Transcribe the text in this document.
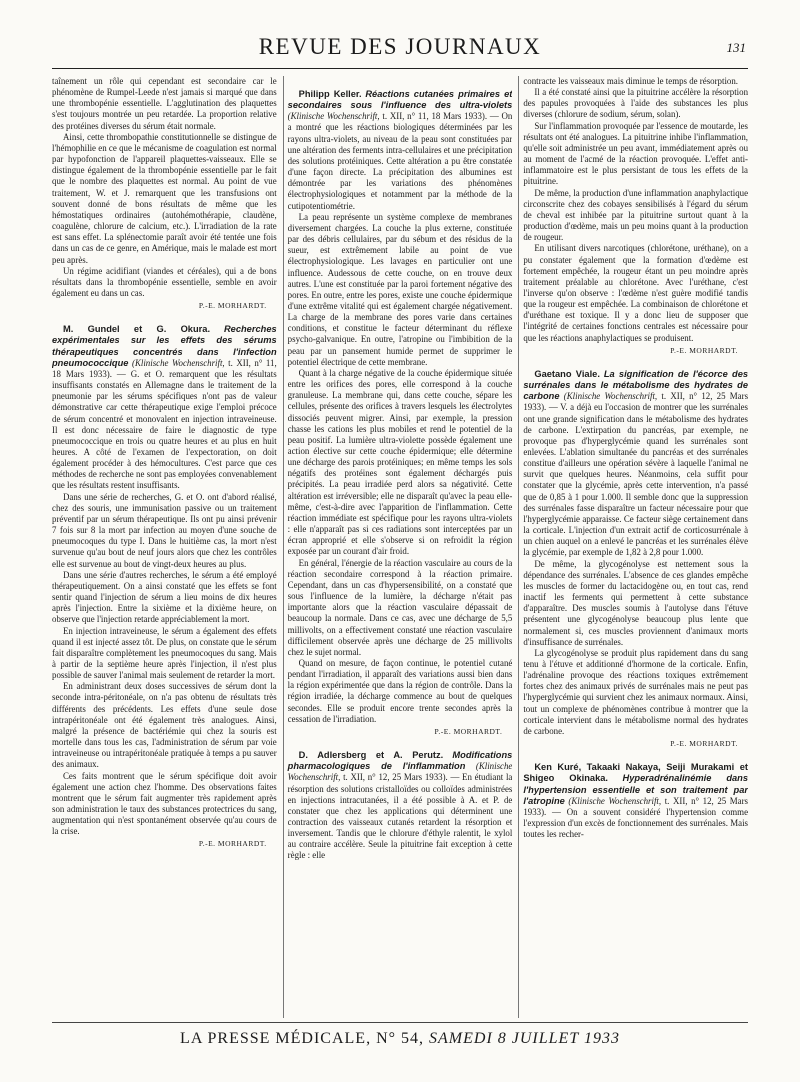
REVUE DES JOURNAUX	131

taînement un rôle qui cependant est secondaire car le phénomène de Rumpel-Leede n'est jamais si marqué que dans une thrombopénie essentielle. L'agglutination des plaquettes s'est toujours montrée un peu retardée. La proportion relative des protéines diverses du sérum était normale.

Ainsi, cette thrombopathie constitutionnelle se distingue de l'hémophilie en ce que le mécanisme de coagulation est normal par hypofonction de l'appareil plaquettes-vaisseaux. Elle se distingue également de la thrombopénie essentielle par le fait que le nombre des plaquettes est normal. Au point de vue traitement, W. et J. remarquent que les transfusions ont souvent donné de bons résultats de même que les hémostatiques ordinaires (autohémothérapie, claudène, coagulène, chlorure de calcium, etc.). L'irradiation de la rate est sans effet. La splénectomie paraît avoir été tentée une fois dans un cas de ce genre, en Amérique, mais le malade est mort peu après.

Un régime acidifiant (viandes et céréales), qui a de bons résultats dans la thrombopénie essentielle, semble en avoir également eu dans un cas.

P.-E. MORHARDT.

M. Gundel et G. Okura. Recherches expérimentales sur les effets des sérums thérapeutiques concentrés dans l'infection pneumococcique (Klinische Wochenschrift, t. XII, n° 11, 18 Mars 1933). — G. et O. remarquent que les résultats insuffisants constatés en Allemagne dans le traitement de la pneumonie par les sérums spécifiques n'ont pas de valeur démonstrative car cette thérapeutique exige l'emploi précoce de sérum concentré et monovalent en injection intraveineuse. Il est donc nécessaire de faire le diagnostic de type pneumococcique en trois ou quatre heures et au plus en huit heures. A côté de l'examen de l'expectoration, on doit également procéder à des hémocultures. C'est parce que ces méthodes de recherche ne sont pas employées convenablement que les résultats restent insuffisants.

Dans une série de recherches, G. et O. ont d'abord réalisé, chez des souris, une immunisation passive ou un traitement préventif par un sérum thérapeutique. Ils ont pu ainsi prévenir 7 fois sur 8 la mort par infection au moyen d'une souche de pneumocoques du type I. Dans le huitième cas, la mort n'est survenue qu'au bout de neuf jours alors que chez les contrôles elle est survenue au bout de vingt-deux heures au plus.

Dans une série d'autres recherches, le sérum a été employé thérapeutiquement. On a ainsi constaté que les effets se font sentir quand l'injection de sérum a lieu moins de dix heures après l'injection. Entre la sixième et la dixième heure, on observe que l'injection retarde appréciablement la mort.

En injection intraveineuse, le sérum a également des effets quand il est injecté assez tôt. De plus, on constate que le sérum fait disparaître complètement les pneumocoques du sang. Mais à partir de la septième heure après l'injection, il n'est plus possible de sauver l'animal mais seulement de retarder la mort.

En administrant deux doses successives de sérum dont la seconde intra-péritonéale, on n'a pas obtenu de résultats très différents des précédents. Les effets d'une seule dose intrapéritonéale ont été également très analogues. Ainsi, malgré la présence de bactériémie qui chez la souris est mortelle dans tous les cas, l'administration de sérum par voie intraveineuse ou intrapéritonéale pratiquée à temps a pu sauver des animaux.

Ces faits montrent que le sérum spécifique doit avoir également une action chez l'homme. Des observations faites montrent que le sérum fait augmenter très rapidement après son administration le taux des substances protectrices du sang, augmentation qui n'est spontanément observée qu'au cours de la crise.

P.-E. MORHARDT.

Philipp Keller. Réactions cutanées primaires et secondaires sous l'influence des ultra-violets (Klinische Wochenschrift, t. XII, n° 11, 18 Mars 1933). — On a montré que les réactions biologiques déterminées par les rayons ultra-violets, au niveau de la peau sont constituées par une altération des ferments intra-cellulaires et une précipitation des solutions protéiniques. Cette altération a pu être constatée d'une façon directe. La précipitation des albumines est démontrée par les variations des phénomènes électrophysiologiques et notamment par la méthode de la cutipotentiométrie.

La peau représente un système complexe de membranes diversement chargées. La couche la plus externe, constituée par des débris cellulaires, par du sébum et des résidus de la sueur, est extrêmement labile au point de vue électrophysiologique. Les lavages en particulier ont une influence. Audessous de cette couche, on en trouve deux autres. L'une est constituée par la paroi fortement négative des pores. En outre, entre les pores, existe une couche épidermique d'une extrême vitalité qui est également chargée négativement. La charge de la membrane des pores varie dans certaines conditions, et constitue le facteur déterminant du réflexe psycho-galvanique. En outre, l'atropine ou l'imbibition de la peau par un pansement humide permet de supprimer le potentiel électrique de cette membrane.

Quant à la charge négative de la couche épidermique située entre les orifices des pores, elle correspond à la couche granuleuse. La membrane qui, dans cette couche, sépare les cellules, présente des orifices à travers lesquels les électrolytes dissociés peuvent migrer. Ainsi, par exemple, la pression chasse les cations les plus mobiles et rend le potentiel de la peau positif. La lumière ultra-violette possède également une action élective sur cette couche épidermique; elle détermine une décharge des parois protéiniques; en même temps les sols négatifs des protéines sont également déchargés puis précipités. La peau irradiée perd alors sa négativité. Cette altération est irréversible; elle ne disparaît qu'avec la peau elle-même, c'est-à-dire avec l'apparition de l'inflammation. Cette réaction immédiate est spécifique pour les rayons ultra-violets : elle n'apparaît pas si ces radiations sont interceptées par un écran approprié et elle s'observe si on refroidit la région exposée par un courant d'air froid.

En général, l'énergie de la réaction vasculaire au cours de la réaction secondaire correspond à la réaction primaire. Cependant, dans un cas d'hypersensibilité, on a constaté que sous l'influence de la lumière, la décharge n'était pas importante alors que la réaction vasculaire dépassait de beaucoup la normale. Dans ce cas, avec une décharge de 5,5 millivolts, on a effectivement constaté une réaction vasculaire difficilement observée après une décharge de 25 millivolts chez le sujet normal.

Quand on mesure, de façon continue, le potentiel cutané pendant l'irradiation, il apparaît des variations aussi bien dans la région expérimentée que dans la région de contrôle. Dans la région irradiée, la décharge commence au bout de quelques secondes. Elle se produit encore trente secondes après la cessation de l'irradiation.

P.-E. MORHARDT.

D. Adlersberg et A. Perutz. Modifications pharmacologiques de l'inflammation (Klinische Wochenschrift, t. XII, n° 12, 25 Mars 1933). — En étudiant la résorption des solutions cristalloïdes ou colloïdes administrées en injections intracutanées, il a été possible à A. et P. de constater que chez les applications qui déterminent une contraction des vaisseaux cutanés retardent la résorption et inversement. Tandis que le chlorure d'éthyle ralentit, le xylol au contraire accélère. Seule la pituitrine fait exception à cette règle : elle

contracte les vaisseaux mais diminue le temps de résorption.

Il a été constaté ainsi que la pituitrine accélère la résorption des papules provoquées à l'aide des substances les plus diverses (chlorure de sodium, sérum, solan).

Sur l'inflammation provoquée par l'essence de moutarde, les résultats ont été analogues. La pituitrine inhibe l'inflammation, qu'elle soit administrée un peu avant, immédiatement après ou au moment de l'acmé de la réaction provoquée. L'effet anti-inflammatoire est le plus persistant de tous les effets de la pituitrine.

De même, la production d'une inflammation anaphylactique circonscrite chez des cobayes sensibilisés à l'égard du sérum de cheval est inhibée par la pituitrine surtout quant à la production d'œdème, mais un peu moins quant à la production de rougeur.

En utilisant divers narcotiques (chlorétone, uréthane), on a pu constater également que la formation d'œdème est fortement empêchée, la rougeur étant un peu moindre après traitement préalable au chlorétone. Avec l'uréthane, c'est l'inverse qu'on observe : l'œdème n'est guère modifié tandis que la rougeur est empêchée. La combinaison de chlorétone et d'uréthane est toxique. Il y a donc lieu de supposer que l'intégrité de certaines fonctions centrales est nécessaire pour que les réactions anaphylactiques se produisent.

P.-E. MORHARDT.

Gaetano Viale. La signification de l'écorce des surrénales dans le métabolisme des hydrates de carbone (Klinische Wochenschrift, t. XII, n° 12, 25 Mars 1933). — V. a déjà eu l'occasion de montrer que les surrénales ont une grande signification dans le métabolisme des hydrates de carbone. L'extirpation du pancréas, par exemple, ne provoque pas d'hyperglycémie quand les surrénales sont enlevées. L'ablation simultanée du pancréas et des surrénales constitue d'ailleurs une opération sévère à laquelle l'animal ne survit que quelques heures. Néanmoins, cela suffit pour constater que la glycémie, après cette intervention, n'a passé que de 0,85 à 1 pour 1.000. Il semble donc que la suppression des surrénales fasse disparaître un facteur nécessaire pour que l'hyperglycémie apparaisse. Ce facteur siège certainement dans la corticale. L'injection d'un extrait actif de corticosurrénale à un chien auquel on a enlevé le pancréas et les surrénales élève la glycémie, par exemple de 1,82 à 2,8 pour 1.000.

De même, la glycogénolyse est nettement sous la dépendance des surrénales. L'absence de ces glandes empêche les muscles de former du lactacidogène ou, en tout cas, rend inactif les ferments qui permettent à cette substance d'apparaître. Des muscles soumis à l'autolyse dans l'étuve présentent une glycogénolyse beaucoup plus lente que normalement si, ces muscles proviennent d'animaux morts d'insuffisance de surrénales.

La glycogénolyse se produit plus rapidement dans du sang tenu à l'étuve et additionné d'hormone de la corticale. Enfin, l'adrénaline provoque des réactions toxiques extrêmement fortes chez des animaux privés de surrénales mais ne peut pas l'hyperglycémie qui survient chez les animaux normaux. Ainsi, tout un complexe de phénomènes contribue à montrer que la corticale intervient dans le métabolisme normal des hydrates de carbone.

P.-E. MORHARDT.

Ken Kuré, Takaaki Nakaya, Seiji Murakami et Shigeo Okinaka. Hyperadrénalinémie dans l'hypertension essentielle et son traitement par l'atropine (Klinische Wochenschrift, t. XII, n° 12, 25 Mars 1933). — On a souvent considéré l'hypertension comme l'expression d'un excès de fonctionnement des surrénales. Mais toutes les recher-

LA PRESSE MÉDICALE, N° 54, SAMEDI 8 JUILLET 1933
